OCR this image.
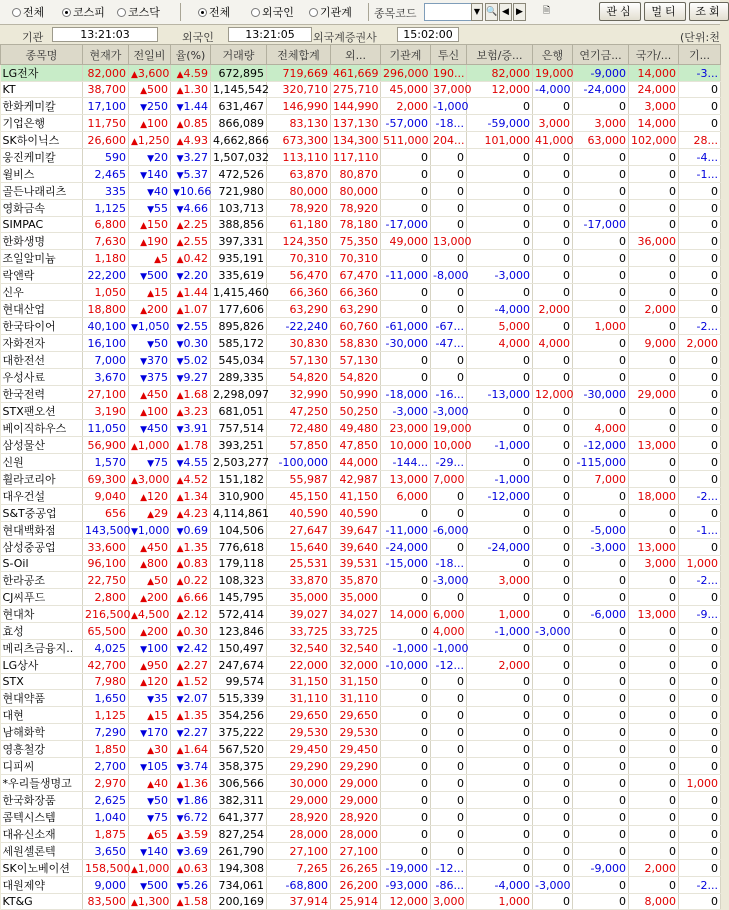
전체	코스피 코스닥	전체	외국인 기관계 종목코드	▼ 🔍 ◀ ▶	🗎	관심	멀티	조회
기관	13:21:03	외국인	13:21:05	외국계증권사	15:02:00	(단위:천
종목명	현재가	전일비	율(%)	거래량	전체합계	외...	기관계	투신	보험/증...	은행	연기금...	국가/...	기...
LG전자	82,000	▲3,600	▲4.59	672,895	719,669	461,669	296,000	190...	82,000	19,000	-9,000	14,000	-3...
KT	38,700	▲500	▲1.30	1,145,542	320,710	275,710	45,000	37,000	12,000	-4,000	-24,000	24,000	0
한화케미칼	17,100	▼250	▼1.44	631,467	146,990	144,990	2,000	-1,000	0	0	0	3,000	0
기업은행	11,750	▲100	▲0.85	866,089	83,130	137,130	-57,000	-18...	-59,000	3,000	3,000	14,000	0
SK하이닉스	26,600	▲1,250	▲4.93	4,662,866	673,300	134,300	511,000	204...	101,000	41,000	63,000	102,000	28...
웅진케미칼	590	▼20	▼3.27	1,507,032	113,110	117,110	0	0	0	0	0	0	-4...
윌비스	2,465	▼140	▼5.37	472,526	63,870	80,870	0	0	0	0	0	0	-1...
골든나래리츠	335	▼40	▼10.66	721,980	80,000	80,000	0	0	0	0	0	0	0
영화금속	1,125	▼55	▼4.66	103,713	78,920	78,920	0	0	0	0	0	0	0
SIMPAC	6,800	▲150	▲2.25	388,856	61,180	78,180	-17,000	0	0	0	-17,000	0	0
한화생명	7,630	▲190	▲2.55	397,331	124,350	75,350	49,000	13,000	0	0	0	36,000	0
조일알미늄	1,180	▲5	▲0.42	935,191	70,310	70,310	0	0	0	0	0	0	0
락앤락	22,200	▼500	▼2.20	335,619	56,470	67,470	-11,000	-8,000	-3,000	0	0	0	0
신우	1,050	▲15	▲1.44	1,415,460	66,360	66,360	0	0	0	0	0	0	0
현대산업	18,800	▲200	▲1.07	177,606	63,290	63,290	0	0	-4,000	2,000	0	2,000	0
한국타이어	40,100	▼1,050	▼2.55	895,826	-22,240	60,760	-61,000	-67...	5,000	0	1,000	0	-2...
자화전자	16,100	▼50	▼0.30	585,172	30,830	58,830	-30,000	-47...	4,000	4,000	0	9,000	2,000
대한전선	7,000	▼370	▼5.02	545,034	57,130	57,130	0	0	0	0	0	0	0
우성사료	3,670	▼375	▼9.27	289,335	54,820	54,820	0	0	0	0	0	0	0
한국전력	27,100	▲450	▲1.68	2,298,097	32,990	50,990	-18,000	-16...	-13,000	12,000	-30,000	29,000	0
STX팬오션	3,190	▲100	▲3.23	681,051	47,250	50,250	-3,000	-3,000	0	0	0	0	0
베이직하우스	11,050	▼450	▼3.91	757,514	72,480	49,480	23,000	19,000	0	0	4,000	0	0
삼성물산	56,900	▲1,000	▲1.78	393,251	57,850	47,850	10,000	10,000	-1,000	0	-12,000	13,000	0
신원	1,570	▼75	▼4.55	2,503,277	-100,000	44,000	-144...	-29...	0	0	-115,000	0	0
휠라코리아	69,300	▲3,000	▲4.52	151,182	55,987	42,987	13,000	7,000	-1,000	0	7,000	0	0
대우건설	9,040	▲120	▲1.34	310,900	45,150	41,150	6,000	0	-12,000	0	0	18,000	-2...
S&T중공업	656	▲29	▲4.23	4,114,861	40,590	40,590	0	0	0	0	0	0	0
현대백화점	143,500	▼1,000	▼0.69	104,506	27,647	39,647	-11,000	-6,000	0	0	-5,000	0	-1...
삼성중공업	33,600	▲450	▲1.35	776,618	15,640	39,640	-24,000	0	-24,000	0	-3,000	13,000	0
S-Oil	96,100	▲800	▲0.83	179,118	25,531	39,531	-15,000	-18...	0	0	0	3,000	1,000
한라공조	22,750	▲50	▲0.22	108,323	33,870	35,870	0	-3,000	3,000	0	0	0	-2...
CJ씨푸드	2,800	▲200	▲6.66	145,795	35,000	35,000	0	0	0	0	0	0	0
현대차	216,500	▲4,500	▲2.12	572,414	39,027	34,027	14,000	6,000	1,000	0	-6,000	13,000	-9...
효성	65,500	▲200	▲0.30	123,846	33,725	33,725	0	4,000	-1,000	-3,000	0	0	0
메리츠금융지..	4,025	▼100	▼2.42	150,497	32,540	32,540	-1,000	-1,000	0	0	0	0	0
LG상사	42,700	▲950	▲2.27	247,674	22,000	32,000	-10,000	-12...	2,000	0	0	0	0
STX	7,980	▲120	▲1.52	99,574	31,150	31,150	0	0	0	0	0	0	0
현대약품	1,650	▼35	▼2.07	515,339	31,110	31,110	0	0	0	0	0	0	0
대현	1,125	▲15	▲1.35	354,256	29,650	29,650	0	0	0	0	0	0	0
남해화학	7,290	▼170	▼2.27	375,222	29,530	29,530	0	0	0	0	0	0	0
영흥철강	1,850	▲30	▲1.64	567,520	29,450	29,450	0	0	0	0	0	0	0
디피씨	2,700	▼105	▼3.74	358,375	29,290	29,290	0	0	0	0	0	0	0
*우리들생명고	2,970	▲40	▲1.36	306,566	30,000	29,000	0	0	0	0	0	0	1,000
한국화장품	2,625	▼50	▼1.86	382,311	29,000	29,000	0	0	0	0	0	0	0
콤텍시스템	1,040	▼75	▼6.72	641,377	28,920	28,920	0	0	0	0	0	0	0
대유신소재	1,875	▲65	▲3.59	827,254	28,000	28,000	0	0	0	0	0	0	0
세원셀론텍	3,650	▼140	▼3.69	261,790	27,100	27,100	0	0	0	0	0	0	0
SK이노베이션	158,500	▲1,000	▲0.63	194,308	7,265	26,265	-19,000	-12...	0	0	-9,000	2,000	0
대원제약	9,000	▼500	▼5.26	734,061	-68,800	26,200	-93,000	-86...	-4,000	-3,000	0	0	-2...
KT&G	83,500	▲1,300	▲1.58	200,169	37,914	25,914	12,000	3,000	1,000	0	0	8,000	0
